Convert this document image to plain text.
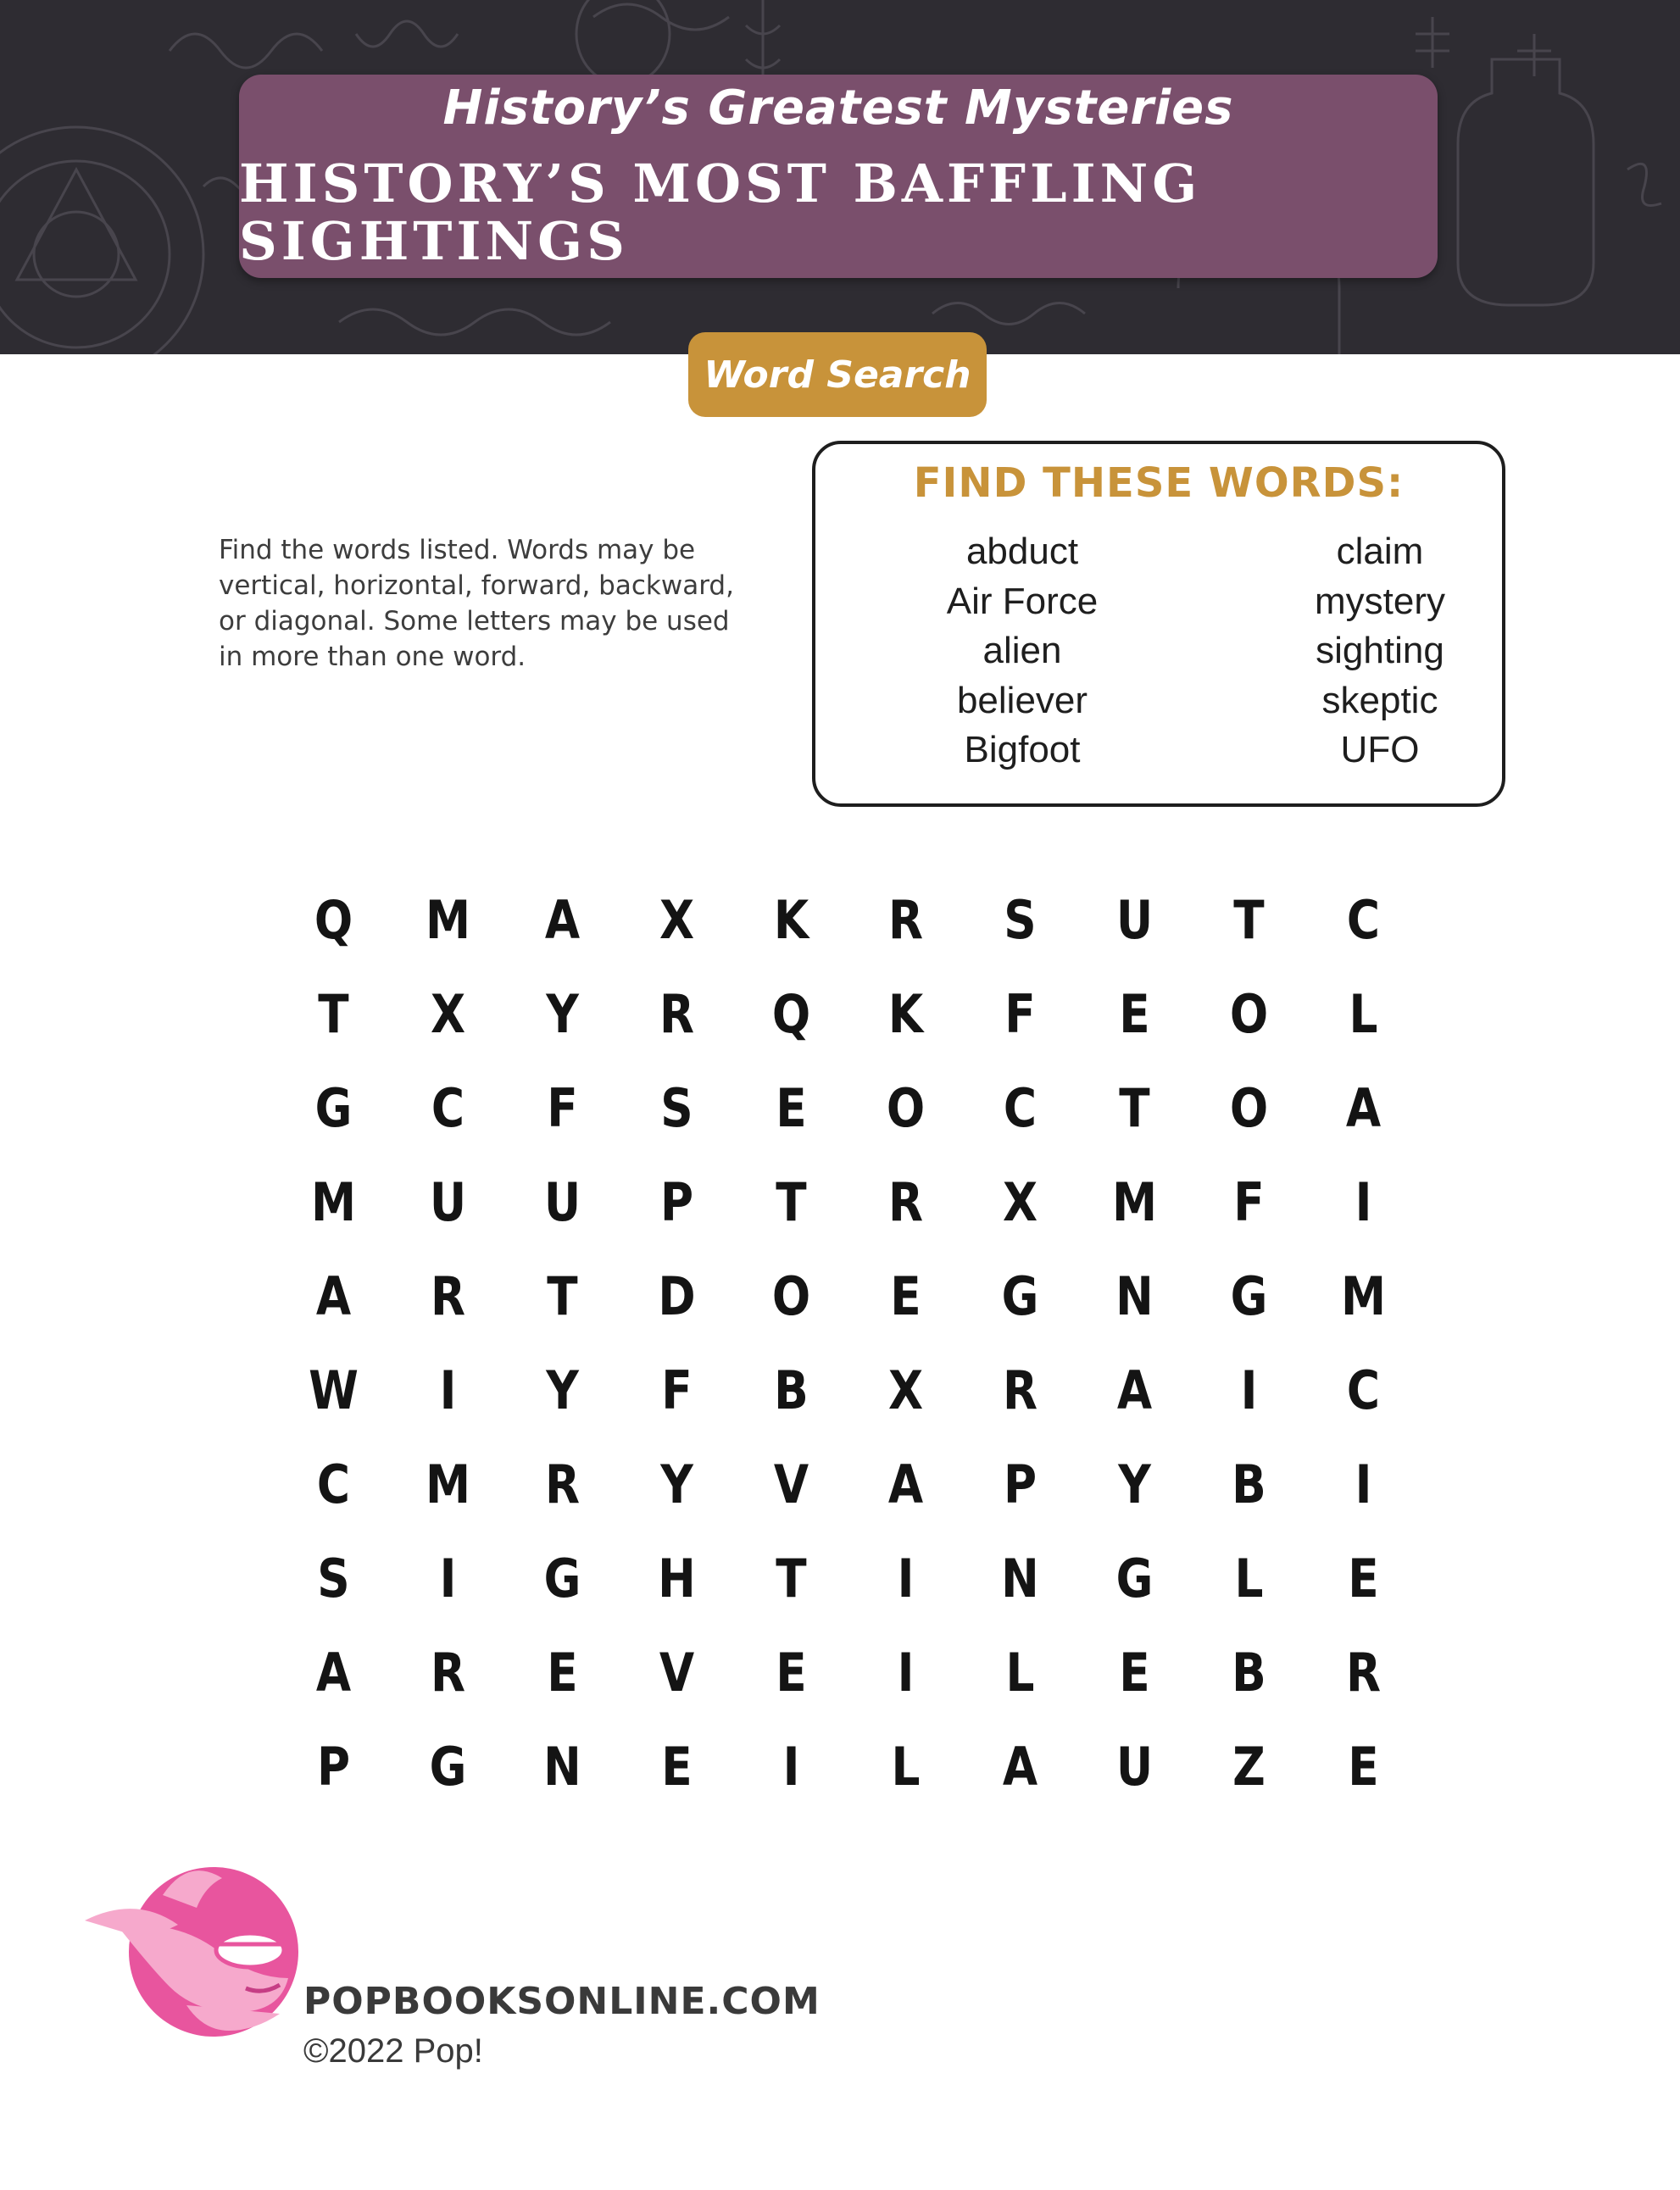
History’s Greatest Mysteries
HISTORY’S MOST BAFFLING SIGHTINGS
Word Search
Find the words listed. Words may be vertical, horizontal, forward, backward, or diagonal. Some letters may be used in more than one word.
FIND THESE WORDS:
abduct
Air Force
alien
believer
Bigfoot
claim
mystery
sighting
skeptic
UFO
Q	M	A	X	K	R	S	U	T	C
T	X	Y	R	Q	K	F	E	O	L
G	C	F	S	E	O	C	T	O	A
M	U	U	P	T	R	X	M	F	I
A	R	T	D	O	E	G	N	G	M
W	I	Y	F	B	X	R	A	I	C
C	M	R	Y	V	A	P	Y	B	I
S	I	G	H	T	I	N	G	L	E
A	R	E	V	E	I	L	E	B	R
P	G	N	E	I	L	A	U	Z	E
POPBOOKSONLINE.COM
©2022 Pop!
